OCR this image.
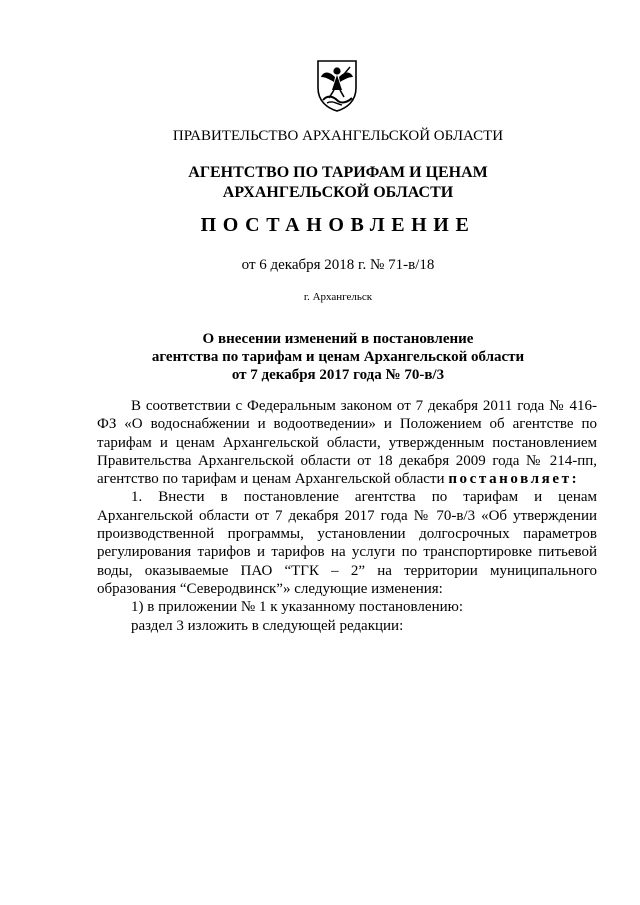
ПРАВИТЕЛЬСТВО АРХАНГЕЛЬСКОЙ ОБЛАСТИ
АГЕНТСТВО ПО ТАРИФАМ И ЦЕНАМ
АРХАНГЕЛЬСКОЙ ОБЛАСТИ
ПОСТАНОВЛЕНИЕ
от 6 декабря 2018 г. № 71-в/18
г. Архангельск
О внесении изменений в постановление
агентства по тарифам и ценам Архангельской области
от 7 декабря 2017 года № 70-в/3

В соответствии с Федеральным законом от 7 декабря 2011 года № 416-ФЗ «О водоснабжении и водоотведении» и Положением об агентстве по тарифам и ценам Архангельской области, утвержденным постановлением Правительства Архангельской области от 18 декабря 2009 года № 214-пп, агентство по тарифам и ценам Архангельской области постановляет:

1. Внести в постановление агентства по тарифам и ценам Архангельской области от 7 декабря 2017 года № 70-в/3 «Об утверждении производственной программы, установлении долгосрочных параметров регулирования тарифов и тарифов на услуги по транспортировке питьевой воды, оказываемые ПАО “ТГК – 2” на территории муниципального образования “Северодвинск”» следующие изменения:

1) в приложении № 1 к указанному постановлению:

раздел 3 изложить в следующей редакции:
